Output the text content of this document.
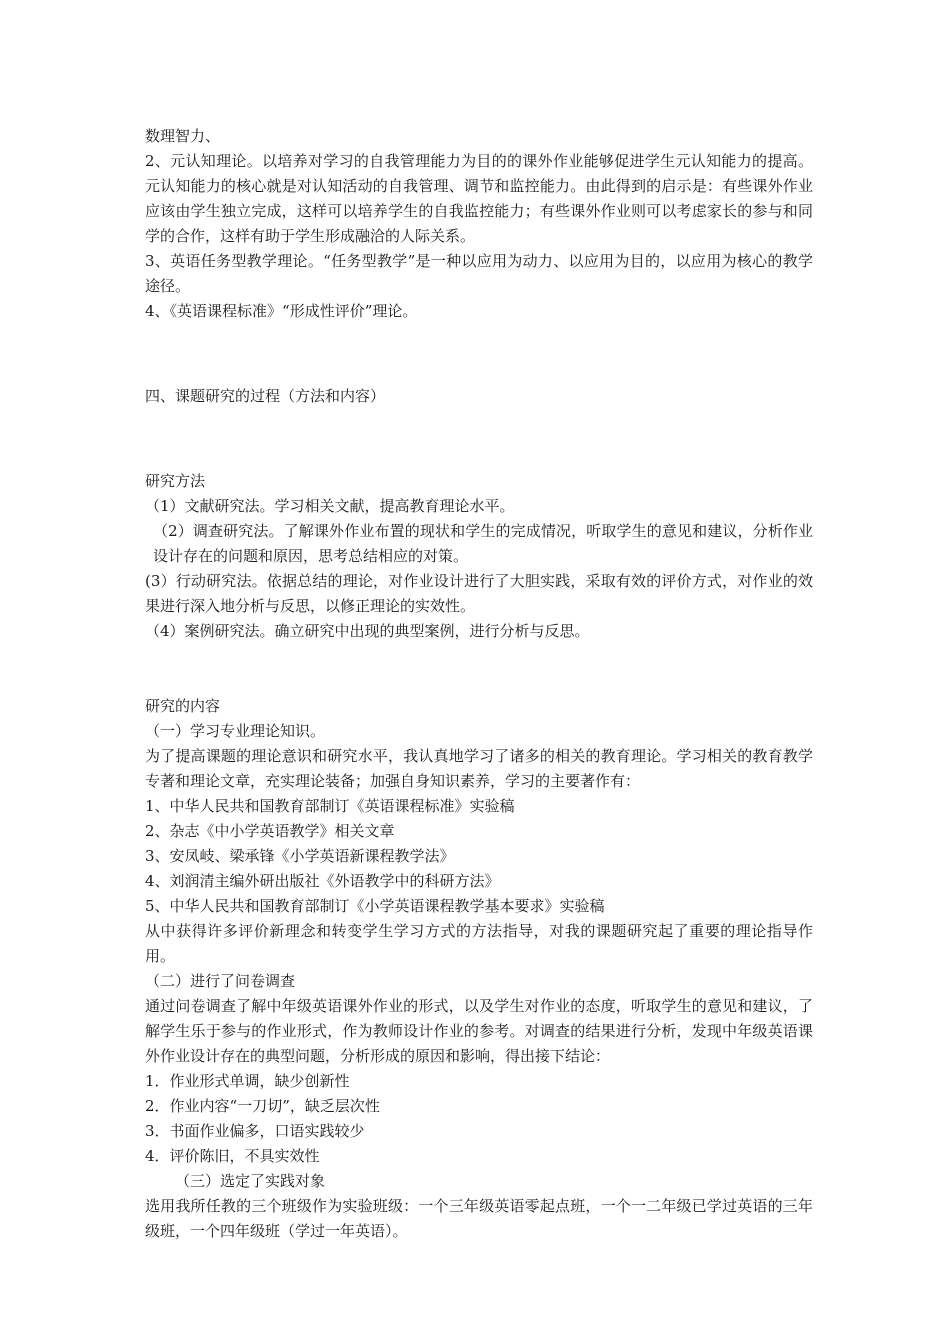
数理智力、

2、元认知理论。以培养对学习的自我管理能力为目的的课外作业能够促进学生元认知能力的提高。元认知能力的核心就是对认知活动的自我管理、调节和监控能力。由此得到的启示是：有些课外作业应该由学生独立完成，这样可以培养学生的自我监控能力；有些课外作业则可以考虑家长的参与和同学的合作，这样有助于学生形成融洽的人际关系。

3、英语任务型教学理论。“任务型教学”是一种以应用为动力、以应用为目的，以应用为核心的教学途径。

4、《英语课程标准》“形成性评价”理论。

四、课题研究的过程（方法和内容）

研究方法

（1）文献研究法。学习相关文献，提高教育理论水平。

（2）调查研究法。了解课外作业布置的现状和学生的完成情况，听取学生的意见和建议，分析作业设计存在的问题和原因，思考总结相应的对策。

(3）行动研究法。依据总结的理论，对作业设计进行了大胆实践，采取有效的评价方式，对作业的效果进行深入地分析与反思，以修正理论的实效性。

（4）案例研究法。确立研究中出现的典型案例，进行分析与反思。

研究的内容

（一）学习专业理论知识。

为了提高课题的理论意识和研究水平，我认真地学习了诸多的相关的教育理论。学习相关的教育教学专著和理论文章，充实理论装备；加强自身知识素养，学习的主要著作有：

1、中华人民共和国教育部制订《英语课程标准》实验稿

2、杂志《中小学英语教学》相关文章

3、安凤岐、梁承锋《小学英语新课程教学法》

4、刘润清主编外研出版社《外语教学中的科研方法》

5、中华人民共和国教育部制订《小学英语课程教学基本要求》实验稿

从中获得许多评价新理念和转变学生学习方式的方法指导，对我的课题研究起了重要的理论指导作用。

（二）进行了问卷调查

通过问卷调查了解中年级英语课外作业的形式，以及学生对作业的态度，听取学生的意见和建议，了解学生乐于参与的作业形式，作为教师设计作业的参考。对调查的结果进行分析，发现中年级英语课外作业设计存在的典型问题，分析形成的原因和影响，得出接下结论：

1．作业形式单调，缺少创新性

2．作业内容“一刀切”，缺乏层次性

3．书面作业偏多，口语实践较少

4．评价陈旧，不具实效性

（三）选定了实践对象

选用我所任教的三个班级作为实验班级：一个三年级英语零起点班，一个一二年级已学过英语的三年级班，一个四年级班（学过一年英语）。
